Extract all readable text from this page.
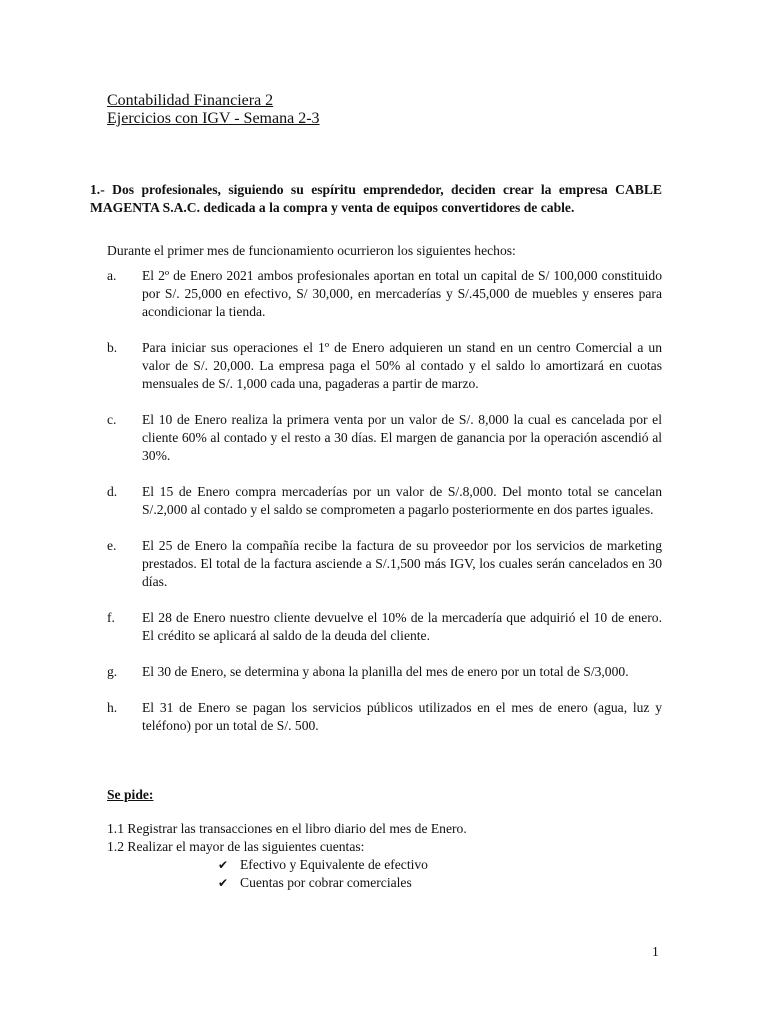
Contabilidad Financiera 2
Ejercicios con IGV - Semana 2-3
1.- Dos profesionales, siguiendo su espíritu emprendedor, deciden crear la empresa CABLE MAGENTA S.A.C. dedicada a la compra y venta de equipos convertidores de cable.
Durante el primer mes de funcionamiento ocurrieron los siguientes hechos:
a.	El 2º de Enero 2021 ambos profesionales aportan en total un capital de S/ 100,000 constituido por S/. 25,000 en efectivo, S/ 30,000, en mercaderías y S/.45,000 de muebles y enseres para acondicionar la tienda.
b.	Para iniciar sus operaciones el 1º de Enero adquieren un stand en un centro Comercial a un valor de S/. 20,000. La empresa paga el 50% al contado y el saldo lo amortizará en cuotas mensuales de S/. 1,000 cada una, pagaderas a partir de marzo.
c.	El 10 de Enero realiza la primera venta por un valor de S/. 8,000 la cual es cancelada por el cliente 60% al contado y el resto a 30 días. El margen de ganancia por la operación ascendió al 30%.
d.	El 15 de Enero compra mercaderías por un valor de S/.8,000. Del monto total se cancelan S/.2,000 al contado y el saldo se comprometen a pagarlo posteriormente en dos partes iguales.
e.	El 25 de Enero la compañía recibe la factura de su proveedor por los servicios de marketing prestados. El total de la factura asciende a S/.1,500 más IGV, los cuales serán cancelados en 30 días.
f.	El 28 de Enero nuestro cliente devuelve el 10% de la mercadería que adquirió el 10 de enero. El crédito se aplicará al saldo de la deuda del cliente.
g.	El 30 de Enero, se determina y abona la planilla del mes de enero por un total de S/3,000.
h.	El 31 de Enero se pagan los servicios públicos utilizados en el mes de enero (agua, luz y teléfono) por un total de S/. 500.
Se pide:
1.1 Registrar las transacciones en el libro diario del mes de Enero.
1.2 Realizar el mayor de las siguientes cuentas:
✔ Efectivo y Equivalente de efectivo
✔ Cuentas por cobrar comerciales
1
